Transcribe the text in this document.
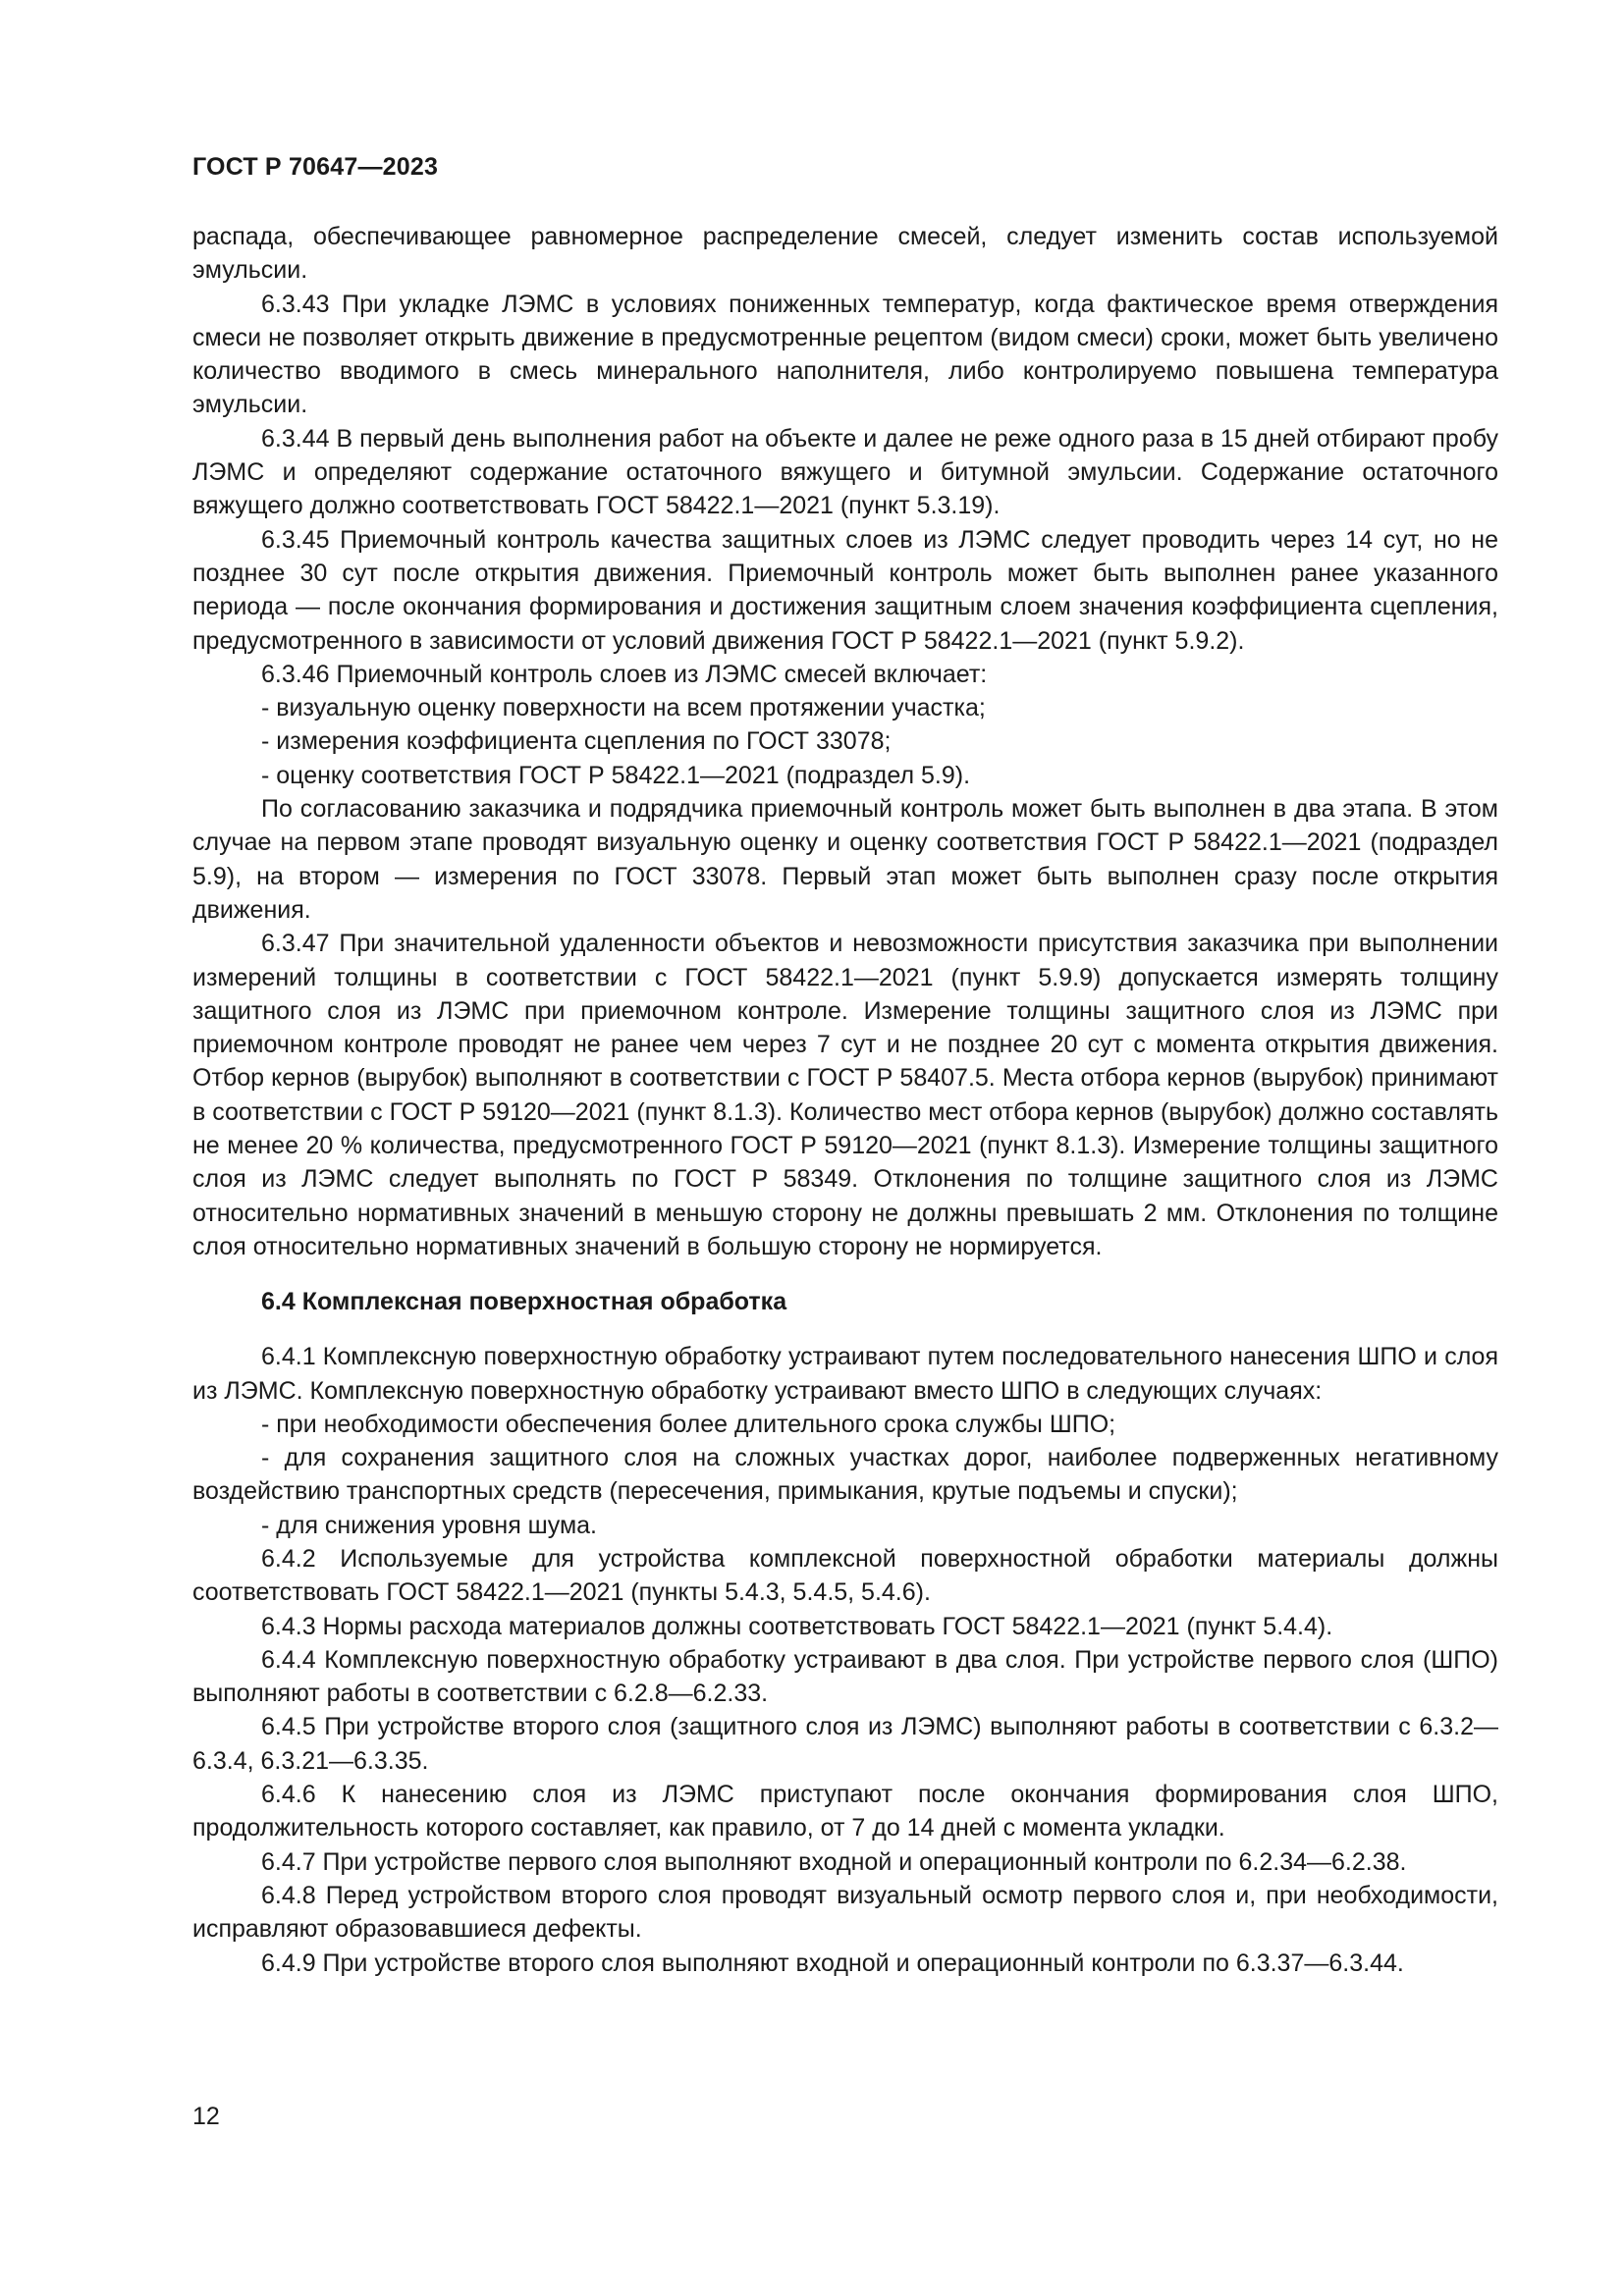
ГОСТ Р 70647—2023

распада, обеспечивающее равномерное распределение смесей, следует изменить состав используемой эмульсии.

6.3.43 При укладке ЛЭМС в условиях пониженных температур, когда фактическое время отверждения смеси не позволяет открыть движение в предусмотренные рецептом (видом смеси) сроки, может быть увеличено количество вводимого в смесь минерального наполнителя, либо контролируемо повышена температура эмульсии.

6.3.44 В первый день выполнения работ на объекте и далее не реже одного раза в 15 дней отбирают пробу ЛЭМС и определяют содержание остаточного вяжущего и битумной эмульсии. Содержание остаточного вяжущего должно соответствовать ГОСТ 58422.1—2021 (пункт 5.3.19).

6.3.45 Приемочный контроль качества защитных слоев из ЛЭМС следует проводить через 14 сут, но не позднее 30 сут после открытия движения. Приемочный контроль может быть выполнен ранее указанного периода — после окончания формирования и достижения защитным слоем значения коэффициента сцепления, предусмотренного в зависимости от условий движения ГОСТ Р 58422.1—2021 (пункт 5.9.2).

6.3.46 Приемочный контроль слоев из ЛЭМС смесей включает:

- визуальную оценку поверхности на всем протяжении участка;

- измерения коэффициента сцепления по ГОСТ 33078;

- оценку соответствия ГОСТ Р 58422.1—2021 (подраздел 5.9).

По согласованию заказчика и подрядчика приемочный контроль может быть выполнен в два этапа. В этом случае на первом этапе проводят визуальную оценку и оценку соответствия ГОСТ Р 58422.1—2021 (подраздел 5.9), на втором — измерения по ГОСТ 33078. Первый этап может быть выполнен сразу после открытия движения.

6.3.47 При значительной удаленности объектов и невозможности присутствия заказчика при выполнении измерений толщины в соответствии с ГОСТ 58422.1—2021 (пункт 5.9.9) допускается измерять толщину защитного слоя из ЛЭМС при приемочном контроле. Измерение толщины защитного слоя из ЛЭМС при приемочном контроле проводят не ранее чем через 7 сут и не позднее 20 сут с момента открытия движения. Отбор кернов (вырубок) выполняют в соответствии с ГОСТ Р 58407.5. Места отбора кернов (вырубок) принимают в соответствии с ГОСТ Р 59120—2021 (пункт 8.1.3). Количество мест отбора кернов (вырубок) должно составлять не менее 20 % количества, предусмотренного ГОСТ Р 59120—2021 (пункт 8.1.3). Измерение толщины защитного слоя из ЛЭМС следует выполнять по ГОСТ Р 58349. Отклонения по толщине защитного слоя из ЛЭМС относительно нормативных значений в меньшую сторону не должны превышать 2 мм. Отклонения по толщине слоя относительно нормативных значений в большую сторону не нормируется.

6.4 Комплексная поверхностная обработка

6.4.1 Комплексную поверхностную обработку устраивают путем последовательного нанесения ШПО и слоя из ЛЭМС. Комплексную поверхностную обработку устраивают вместо ШПО в следующих случаях:

- при необходимости обеспечения более длительного срока службы ШПО;

- для сохранения защитного слоя на сложных участках дорог, наиболее подверженных негативному воздействию транспортных средств (пересечения, примыкания, крутые подъемы и спуски);

- для снижения уровня шума.

6.4.2 Используемые для устройства комплексной поверхностной обработки материалы должны соответствовать ГОСТ 58422.1—2021 (пункты 5.4.3, 5.4.5, 5.4.6).

6.4.3 Нормы расхода материалов должны соответствовать ГОСТ 58422.1—2021 (пункт 5.4.4).

6.4.4 Комплексную поверхностную обработку устраивают в два слоя. При устройстве первого слоя (ШПО) выполняют работы в соответствии с 6.2.8—6.2.33.

6.4.5 При устройстве второго слоя (защитного слоя из ЛЭМС) выполняют работы в соответствии с 6.3.2—6.3.4, 6.3.21—6.3.35.

6.4.6 К нанесению слоя из ЛЭМС приступают после окончания формирования слоя ШПО, продолжительность которого составляет, как правило, от 7 до 14 дней с момента укладки.

6.4.7 При устройстве первого слоя выполняют входной и операционный контроли по 6.2.34—6.2.38.

6.4.8 Перед устройством второго слоя проводят визуальный осмотр первого слоя и, при необходимости, исправляют образовавшиеся дефекты.

6.4.9 При устройстве второго слоя выполняют входной и операционный контроли по 6.3.37—6.3.44.

12
